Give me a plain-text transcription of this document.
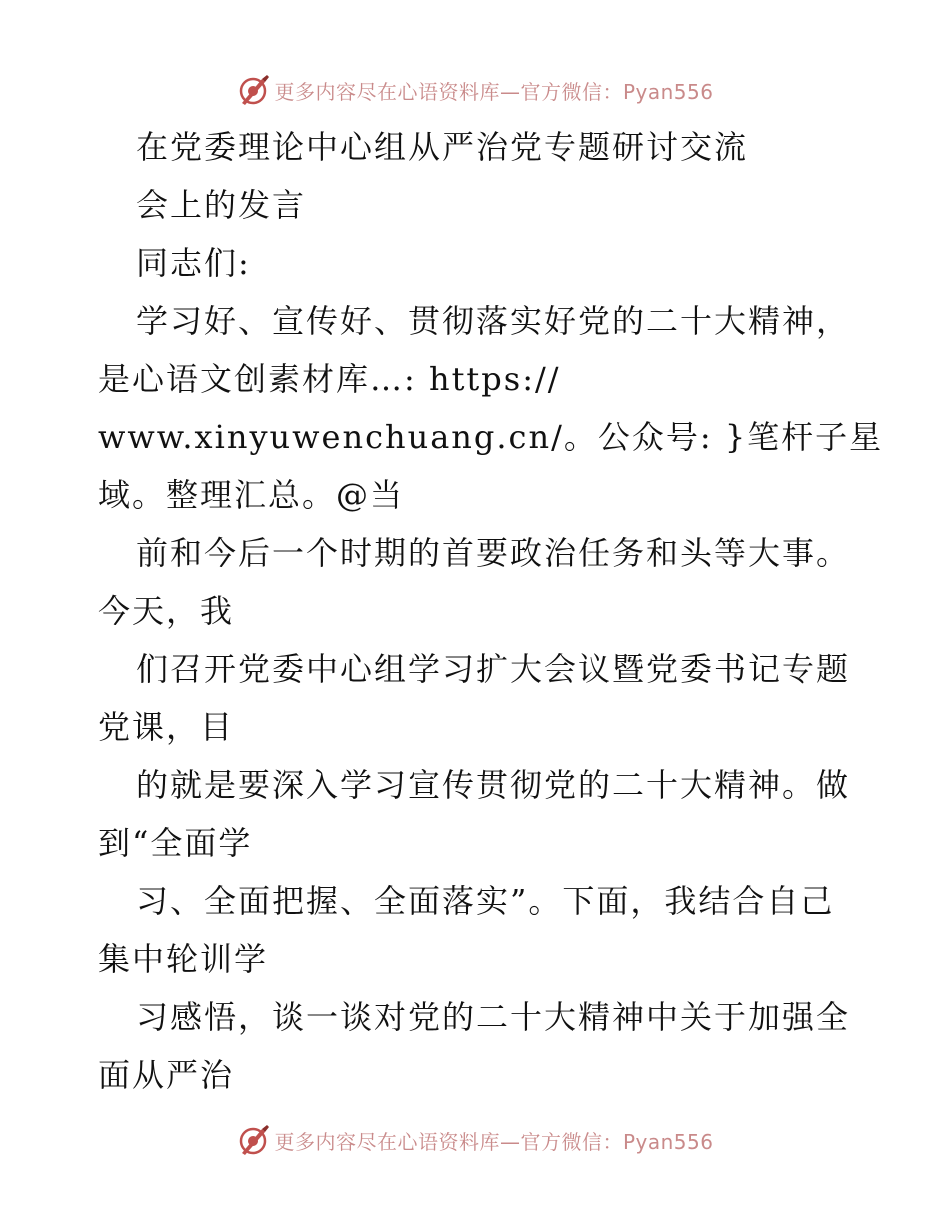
更多内容尽在心语资料库—官方微信：Pyan556
在党委理论中心组从严治党专题研讨交流
会上的发言
同志们:
学习好、宣传好、贯彻落实好党的二十大精神，
是心语文创素材库…: https://
www.xinyuwenchuang.cn/。公众号: }笔杆子星
域。整理汇总。@当
前和今后一个时期的首要政治任务和头等大事。
今天，我
们召开党委中心组学习扩大会议暨党委书记专题
党课，目
的就是要深入学习宣传贯彻党的二十大精神。做
到“全面学
习、全面把握、全面落实”。下面，我结合自己
集中轮训学
习感悟，谈一谈对党的二十大精神中关于加强全
面从严治
更多内容尽在心语资料库—官方微信：Pyan556
